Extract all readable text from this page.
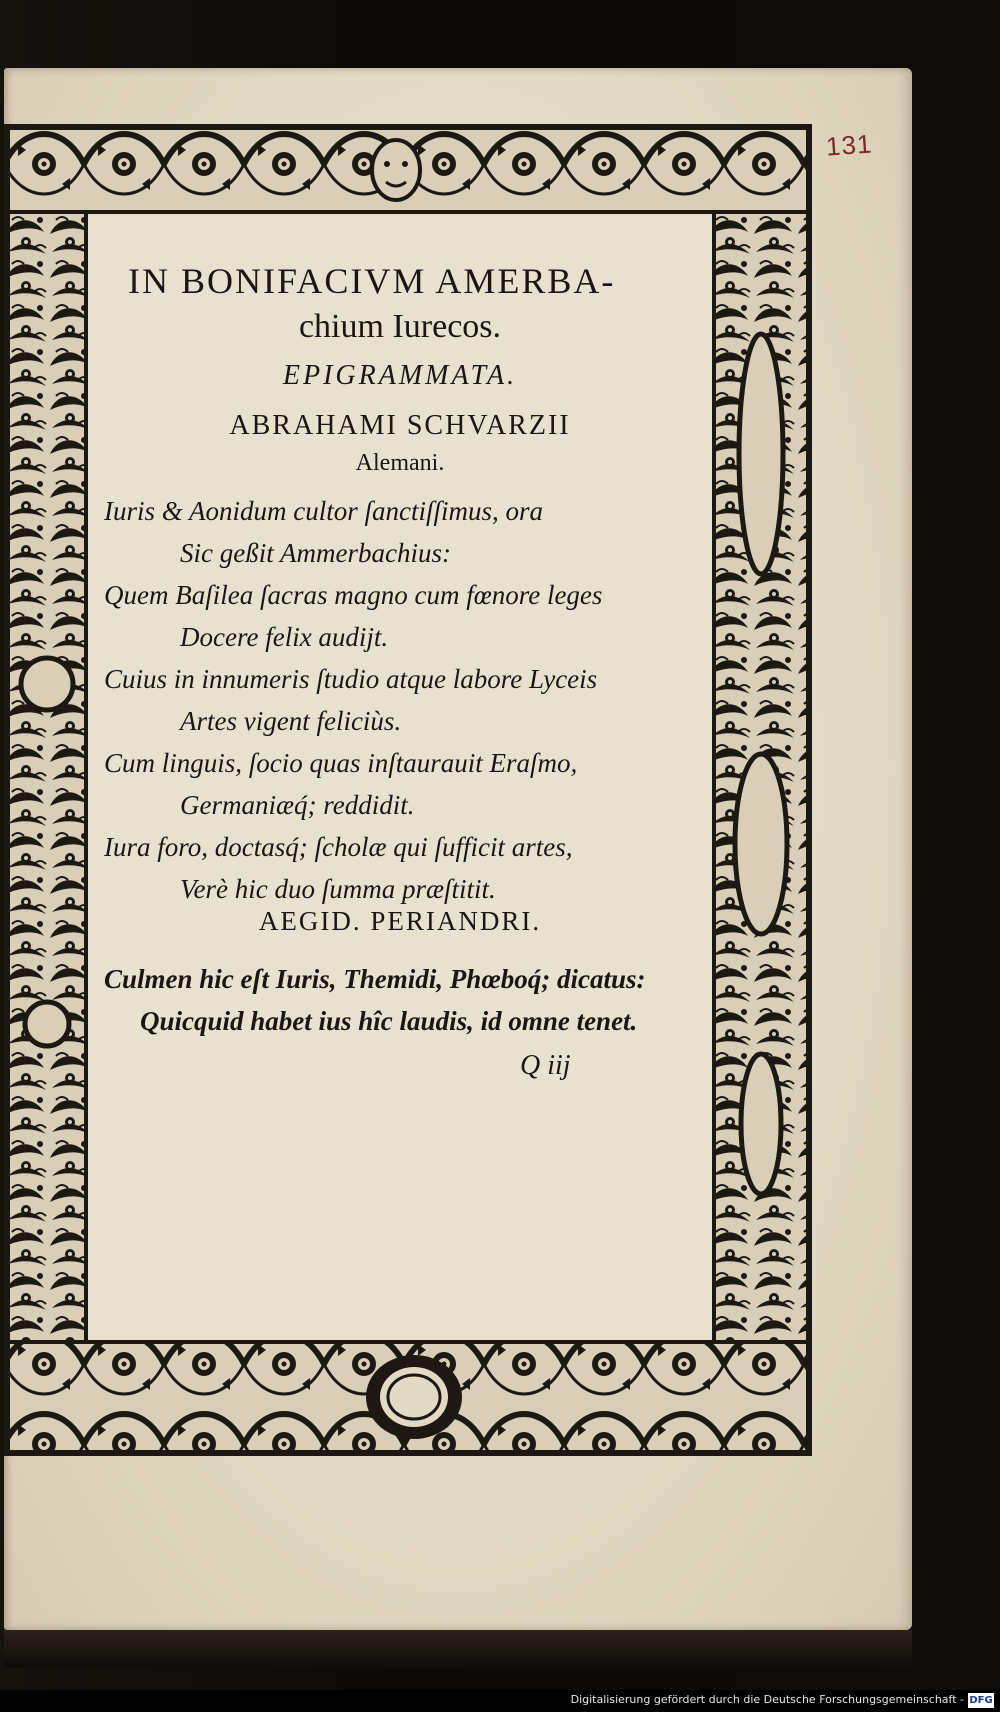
131
IN BONIFACIVM AMERBA-
chium Iurecos.
EPIGRAMMATA.
ABRAHAMI SCHVARZII
Alemani.
Iuris & Aonidum cultor ſanctiſſimus, ora
Sic geßit Ammerbachius:
Quem Baſilea ſacras magno cum fœnore leges
Docere felix audijt.
Cuius in innumeris ſtudio atque labore Lyceis
Artes vigent feliciùs.
Cum linguis, ſocio quas inſtaurauit Eraſmo,
Germaniæq́; reddidit.
Iura foro, doctasq́; ſcholæ qui ſufficit artes,
Verè hic duo ſumma præſtitit.
AEGID. PERIANDRI.
Culmen hic eſt Iuris, Themidi, Phœboq́; dicatus:
Quicquid habet ius hîc laudis, id omne tenet.
Q iij
Digitalisierung gefördert durch die Deutsche Forschungsgemeinschaft - DFG
